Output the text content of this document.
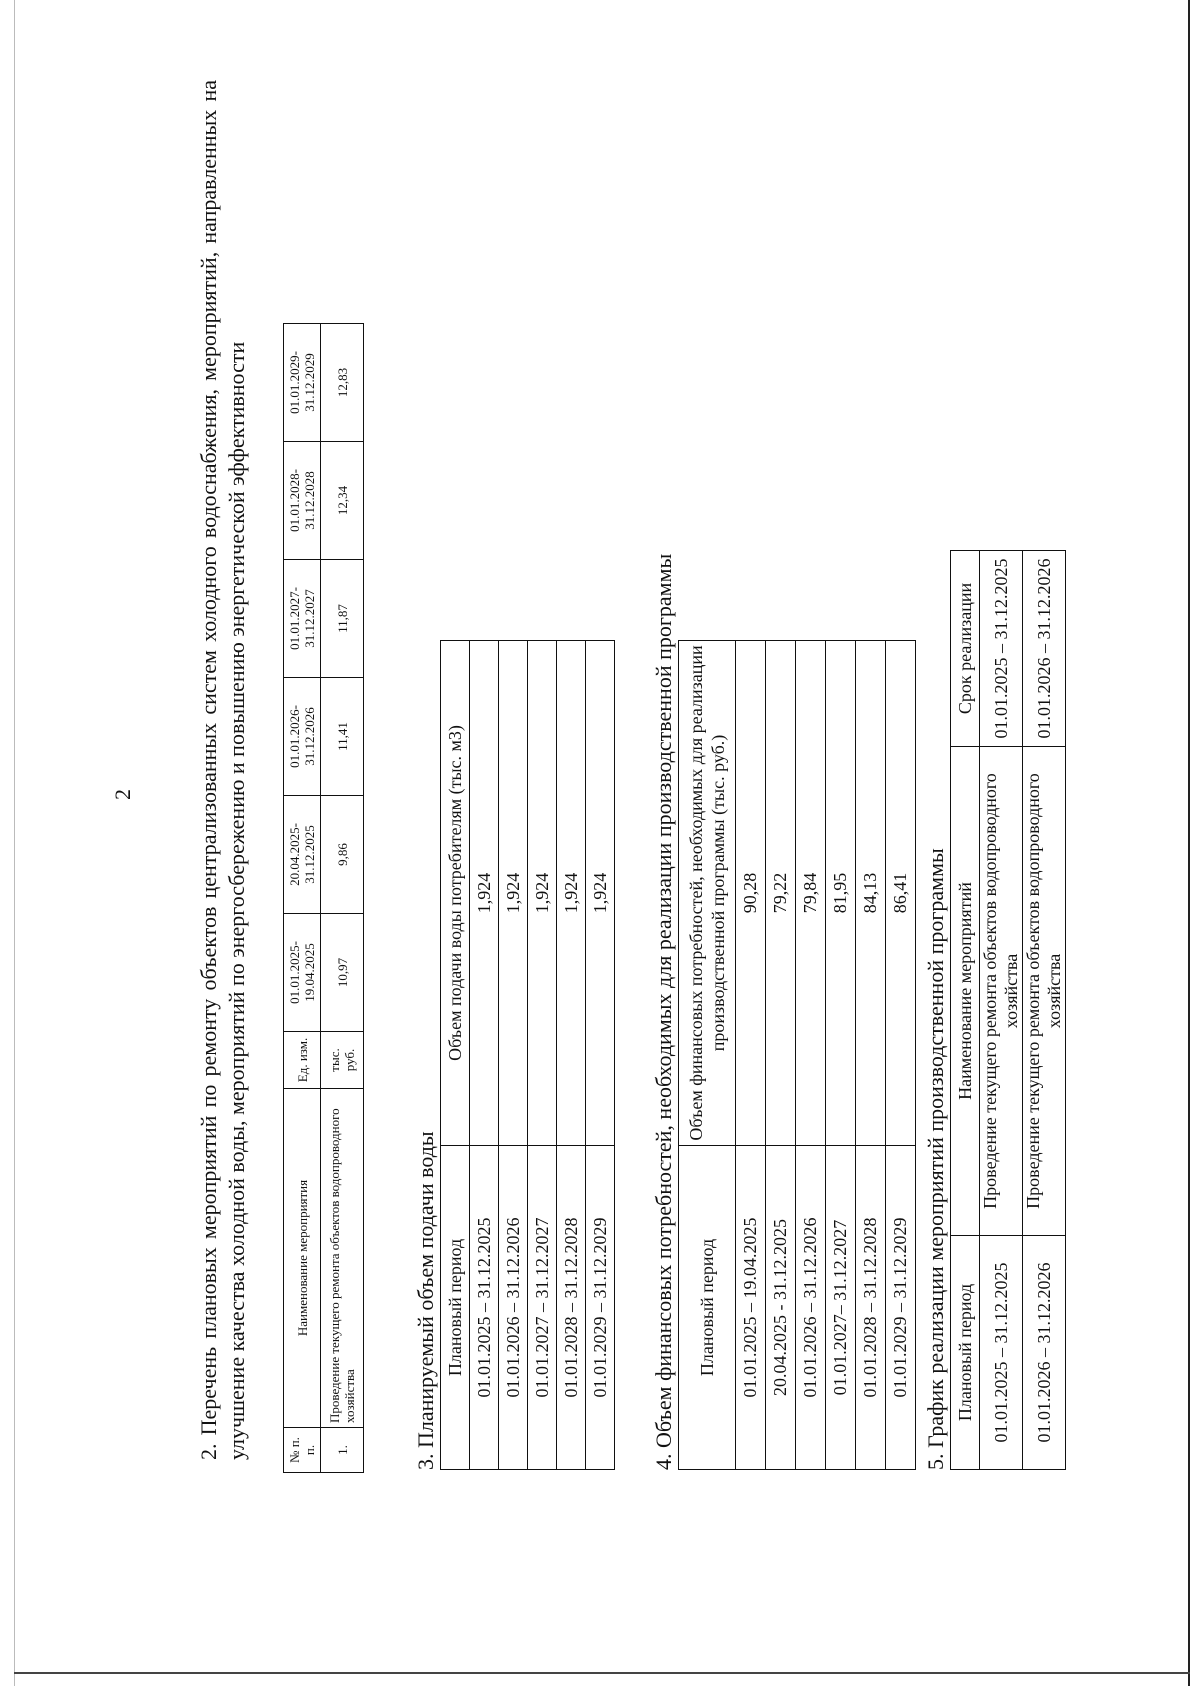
2	2. Перечень плановых мероприятий по ремонту объектов централизованных систем холодного водоснабжения, мероприятий, направленных на улучшение качества холодной воды, мероприятий по энергосбережению и повышению энергетической эффективности	№ п. п.	Наименование мероприятия	Ед. изм.	01.01.2025-19.04.2025	20.04.2025-31.12.2025	01.01.2026-31.12.2026	01.01.2027-31.12.2027	01.01.2028-31.12.2028	01.01.2029-31.12.2029
1.	Проведение текущего ремонта объектов водопроводного хозяйства	тыс. руб.	10,97	9,86	11,41	11,87	12,34	12,83
3. Планируемый объем подачи воды Плановый период	Объем подачи воды потребителям (тыс. м3)
01.01.2025 – 31.12.2025	1,924
01.01.2026 – 31.12.2026	1,924
01.01.2027 – 31.12.2027	1,924
01.01.2028 – 31.12.2028	1,924
01.01.2029 – 31.12.2029	1,924 4. Объем финансовых потребностей, необходимых для реализации производственной программы Плановый период	Объем финансовых потребностей, необходимых для реализации производственной программы (тыс. руб.)
01.01.2025 – 19.04.2025	90,28
20.04.2025 - 31.12.2025	79,22
01.01.2026 – 31.12.2026	79,84
01.01.2027– 31.12.2027	81,95
01.01.2028 – 31.12.2028	84,13
01.01.2029 – 31.12.2029	86,41 5. График реализации мероприятий производственной программы Плановый период	Наименование мероприятий	Срок реализации
01.01.2025 – 31.12.2025	Проведение текущего ремонта объектов водопроводного хозяйства	01.01.2025 – 31.12.2025
01.01.2026 – 31.12.2026	Проведение текущего ремонта объектов водопроводного хозяйства	01.01.2026 – 31.12.2026
